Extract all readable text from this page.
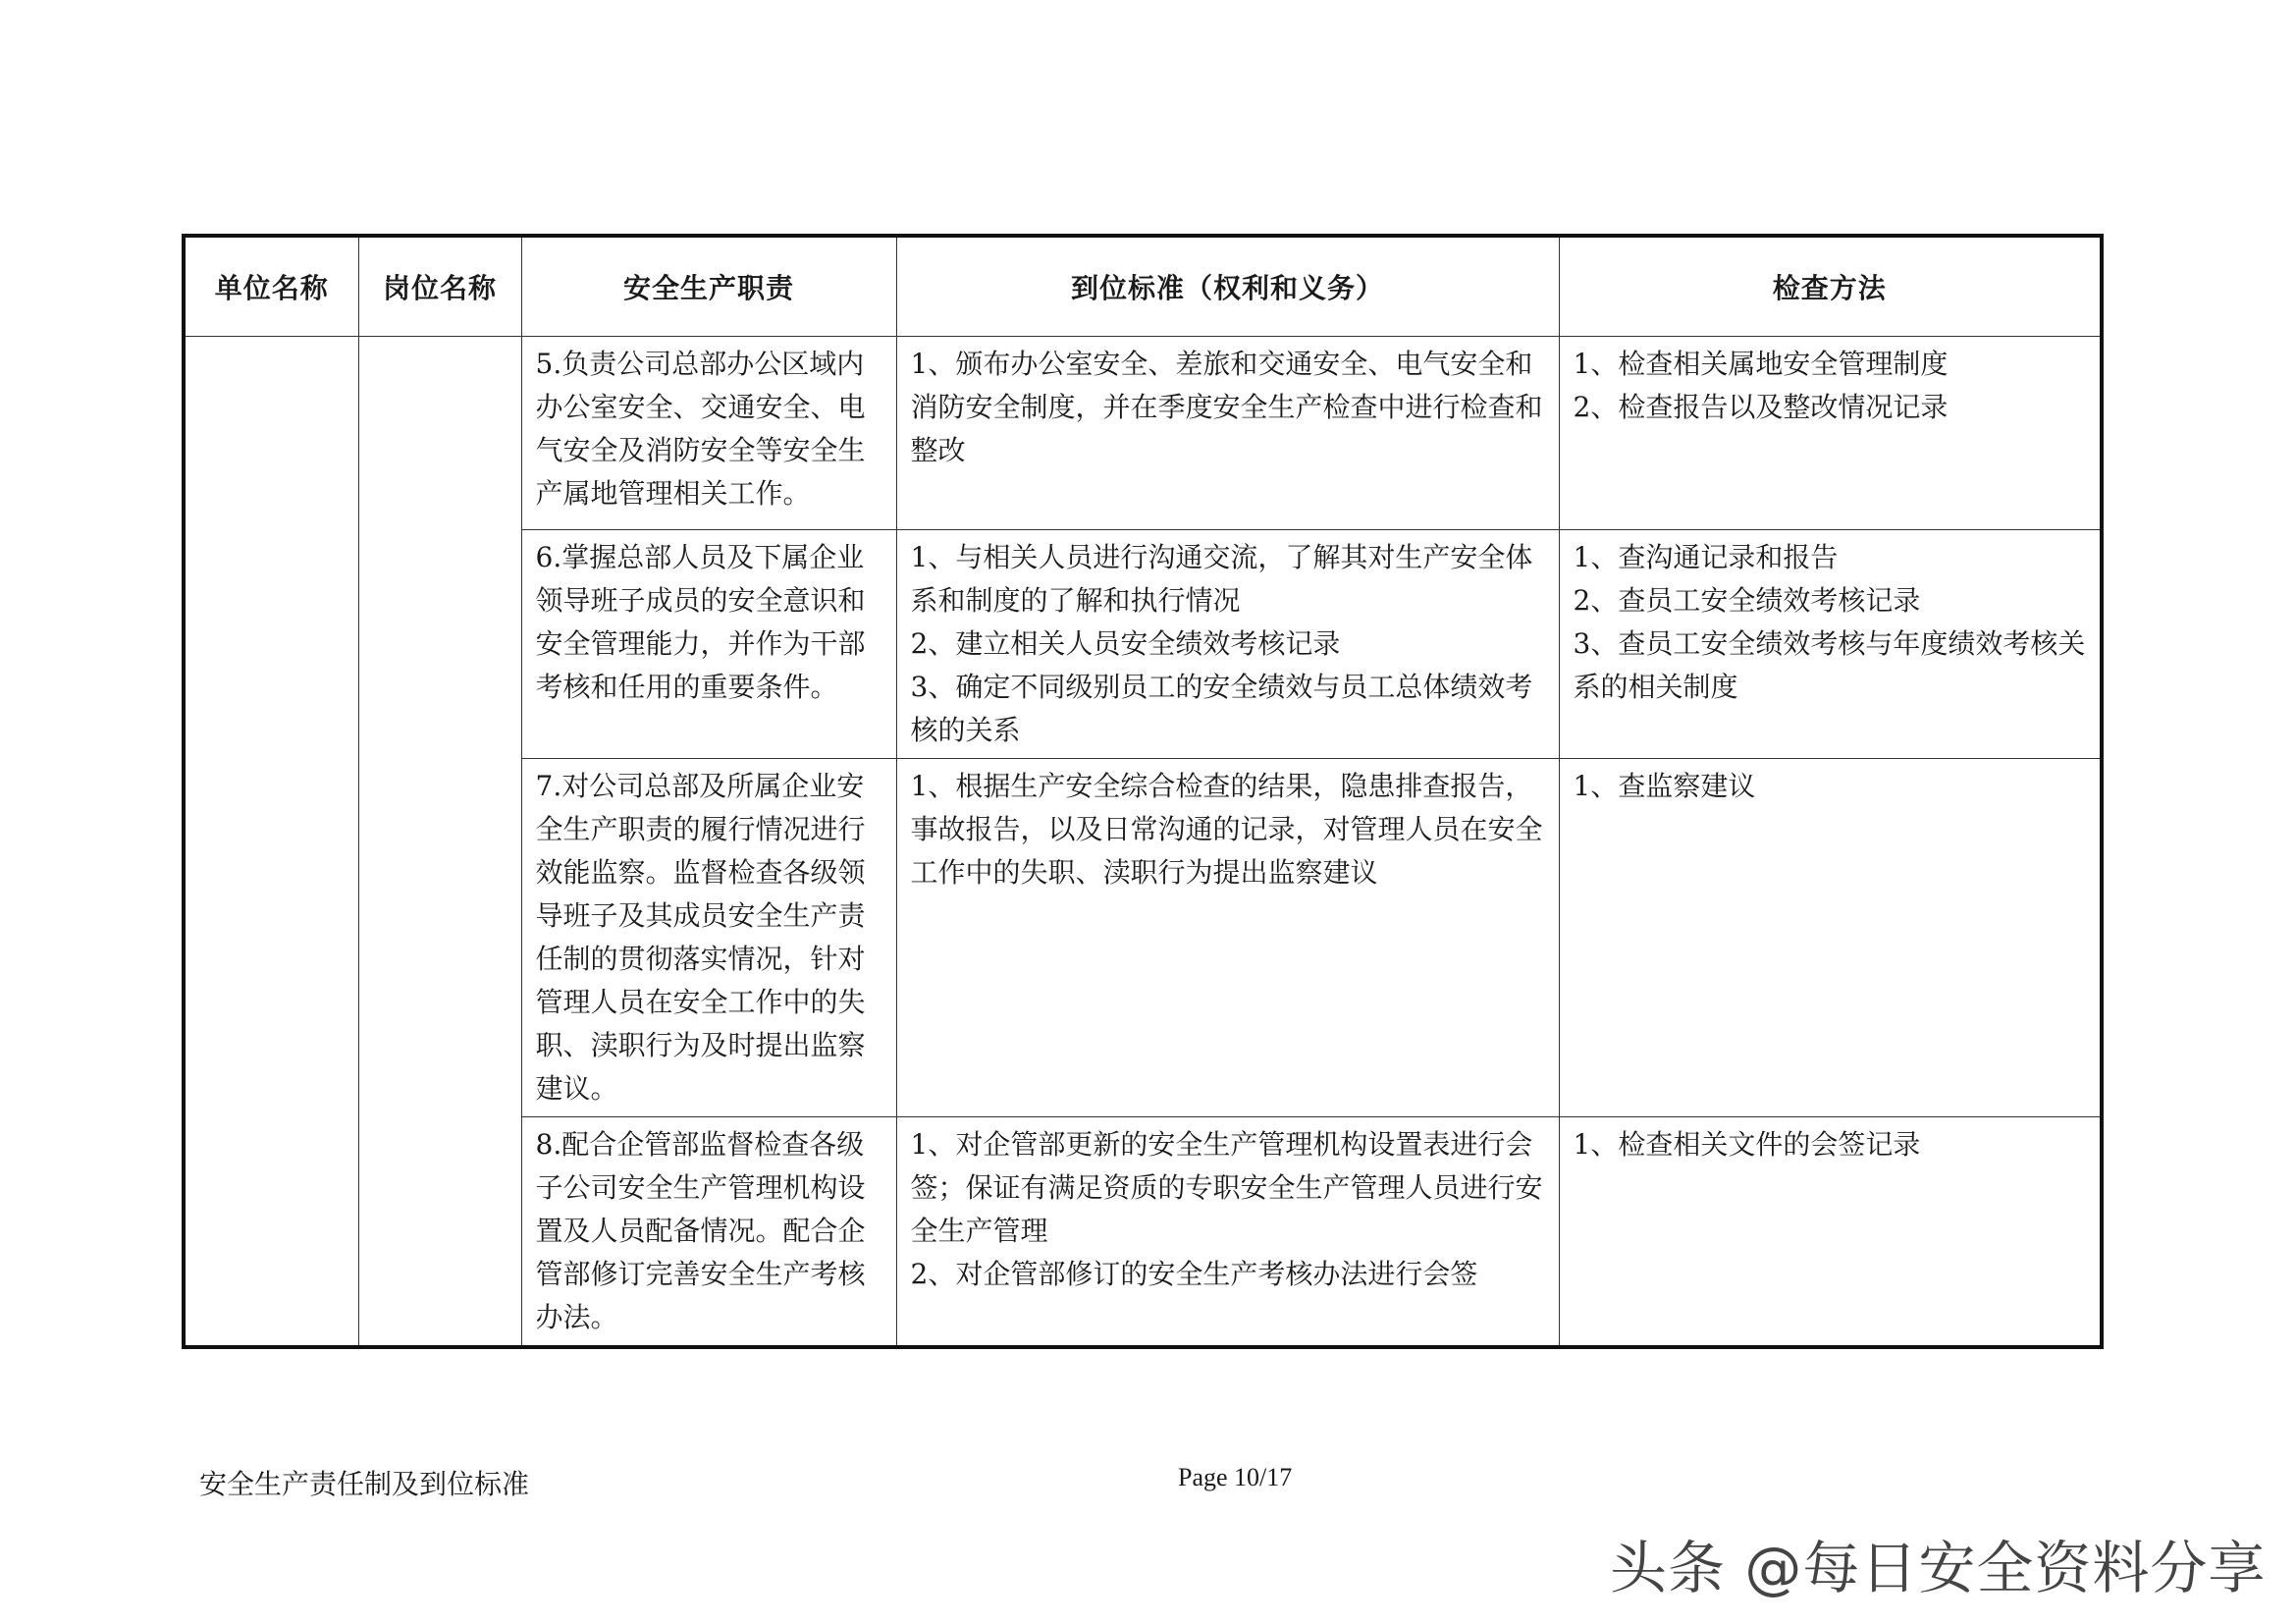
单位名称	岗位名称	安全生产职责	到位标准（权利和义务）	检查方法

		5.负责公司总部办公区域内办公室安全、交通安全、电气安全及消防安全等安全生产属地管理相关工作。	1、颁布办公室安全、差旅和交通安全、电气安全和消防安全制度，并在季度安全生产检查中进行检查和整改	1、检查相关属地安全管理制度
2、检查报告以及整改情况记录

		6.掌握总部人员及下属企业领导班子成员的安全意识和安全管理能力，并作为干部考核和任用的重要条件。	1、与相关人员进行沟通交流，了解其对生产安全体系和制度的了解和执行情况
2、建立相关人员安全绩效考核记录
3、确定不同级别员工的安全绩效与员工总体绩效考核的关系	1、查沟通记录和报告
2、查员工安全绩效考核记录
3、查员工安全绩效考核与年度绩效考核关系的相关制度

		7.对公司总部及所属企业安全生产职责的履行情况进行效能监察。监督检查各级领导班子及其成员安全生产责任制的贯彻落实情况，针对管理人员在安全工作中的失职、渎职行为及时提出监察建议。	1、根据生产安全综合检查的结果，隐患排查报告，事故报告，以及日常沟通的记录，对管理人员在安全工作中的失职、渎职行为提出监察建议	1、查监察建议

		8.配合企管部监督检查各级子公司安全生产管理机构设置及人员配备情况。配合企管部修订完善安全生产考核办法。	1、对企管部更新的安全生产管理机构设置表进行会签；保证有满足资质的专职安全生产管理人员进行安全生产管理
2、对企管部修订的安全生产考核办法进行会签	1、检查相关文件的会签记录
安全生产责任制及到位标准	Page 10/17
头条 @每日安全资料分享
